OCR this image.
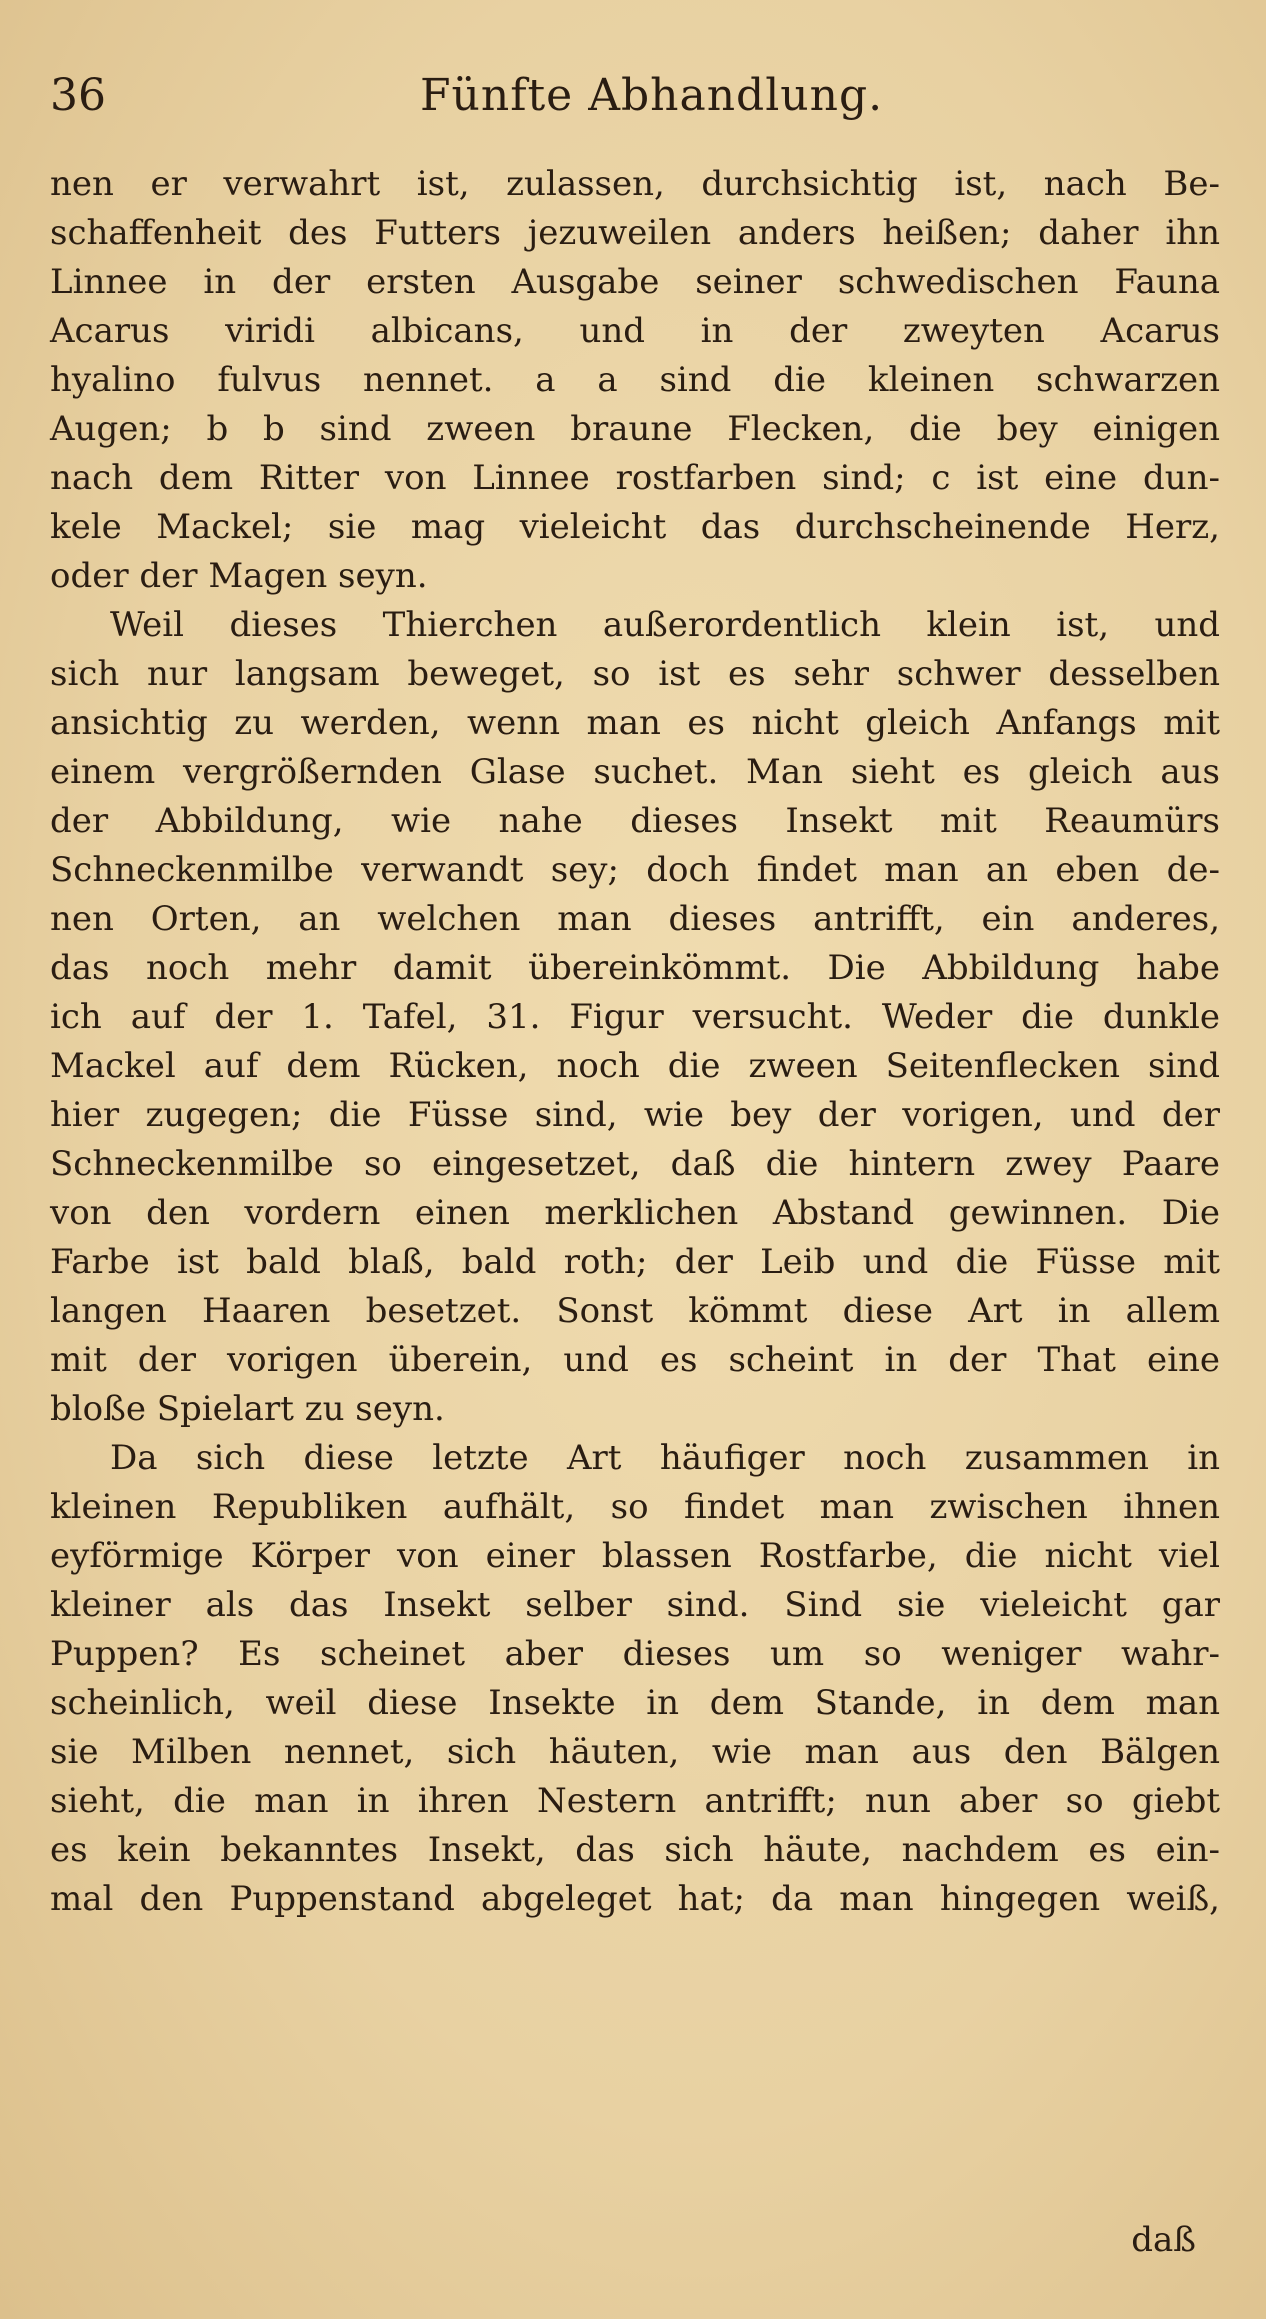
36	Fünfte Abhandlung.
nen er verwahrt ist, zulassen, durchsichtig ist, nach Be-
schaffenheit des Futters jezuweilen anders heißen; daher ihn
Linnee in der ersten Ausgabe seiner schwedischen Fauna
Acarus viridi albicans, und in der zweyten Acarus
hyalino fulvus nennet. a a sind die kleinen schwarzen
Augen; b b sind zween braune Flecken, die bey einigen
nach dem Ritter von Linnee rostfarben sind; c ist eine dun-
kele Mackel; sie mag vieleicht das durchscheinende Herz,
oder der Magen seyn.
Weil dieses Thierchen außerordentlich klein ist, und
sich nur langsam beweget, so ist es sehr schwer desselben
ansichtig zu werden, wenn man es nicht gleich Anfangs mit
einem vergrößernden Glase suchet. Man sieht es gleich aus
der Abbildung, wie nahe dieses Insekt mit Reaumürs
Schneckenmilbe verwandt sey; doch findet man an eben de-
nen Orten, an welchen man dieses antrifft, ein anderes,
das noch mehr damit übereinkömmt. Die Abbildung habe
ich auf der 1. Tafel, 31. Figur versucht. Weder die dunkle
Mackel auf dem Rücken, noch die zween Seitenflecken sind
hier zugegen; die Füsse sind, wie bey der vorigen, und der
Schneckenmilbe so eingesetzet, daß die hintern zwey Paare
von den vordern einen merklichen Abstand gewinnen. Die
Farbe ist bald blaß, bald roth; der Leib und die Füsse mit
langen Haaren besetzet. Sonst kömmt diese Art in allem
mit der vorigen überein, und es scheint in der That eine
bloße Spielart zu seyn.
Da sich diese letzte Art häufiger noch zusammen in
kleinen Republiken aufhält, so findet man zwischen ihnen
eyförmige Körper von einer blassen Rostfarbe, die nicht viel
kleiner als das Insekt selber sind. Sind sie vieleicht gar
Puppen? Es scheinet aber dieses um so weniger wahr-
scheinlich, weil diese Insekte in dem Stande, in dem man
sie Milben nennet, sich häuten, wie man aus den Bälgen
sieht, die man in ihren Nestern antrifft; nun aber so giebt
es kein bekanntes Insekt, das sich häute, nachdem es ein-
mal den Puppenstand abgeleget hat; da man hingegen weiß,
daß
